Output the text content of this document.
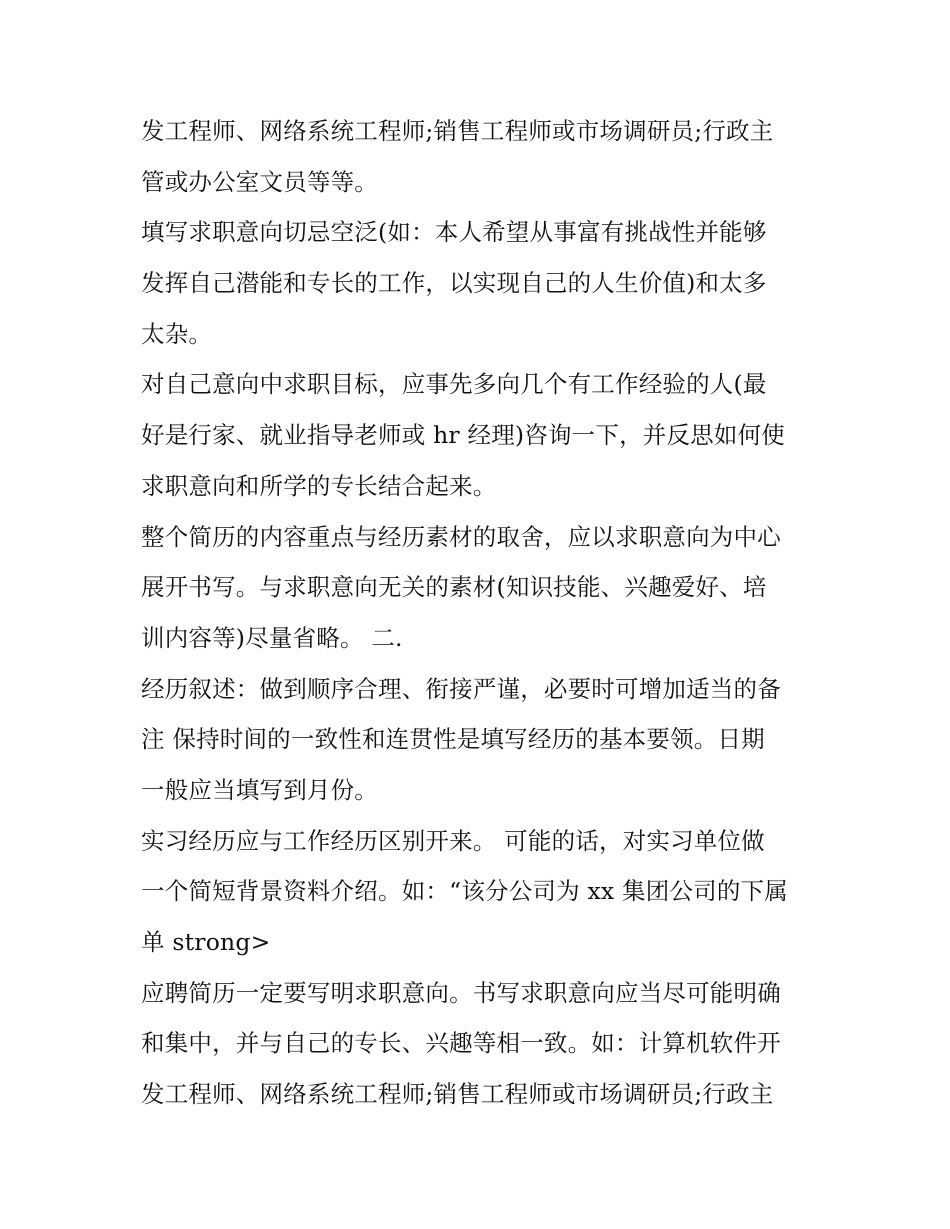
发工程师、网络系统工程师;销售工程师或市场调研员;行政主
管或办公室文员等等。
填写求职意向切忌空泛(如：本人希望从事富有挑战性并能够
发挥自己潜能和专长的工作，以实现自己的人生价值)和太多
太杂。
对自己意向中求职目标，应事先多向几个有工作经验的人(最
好是行家、就业指导老师或 hr 经理)咨询一下，并反思如何使
求职意向和所学的专长结合起来。
整个简历的内容重点与经历素材的取舍，应以求职意向为中心
展开书写。与求职意向无关的素材(知识技能、兴趣爱好、培
训内容等)尽量省略。 二.
经历叙述：做到顺序合理、衔接严谨，必要时可增加适当的备
注 保持时间的一致性和连贯性是填写经历的基本要领。日期
一般应当填写到月份。
实习经历应与工作经历区别开来。 可能的话，对实习单位做
一个简短背景资料介绍。如：“该分公司为 xx 集团公司的下属
单 strong>
应聘简历一定要写明求职意向。书写求职意向应当尽可能明确
和集中，并与自己的专长、兴趣等相一致。如：计算机软件开
发工程师、网络系统工程师;销售工程师或市场调研员;行政主
